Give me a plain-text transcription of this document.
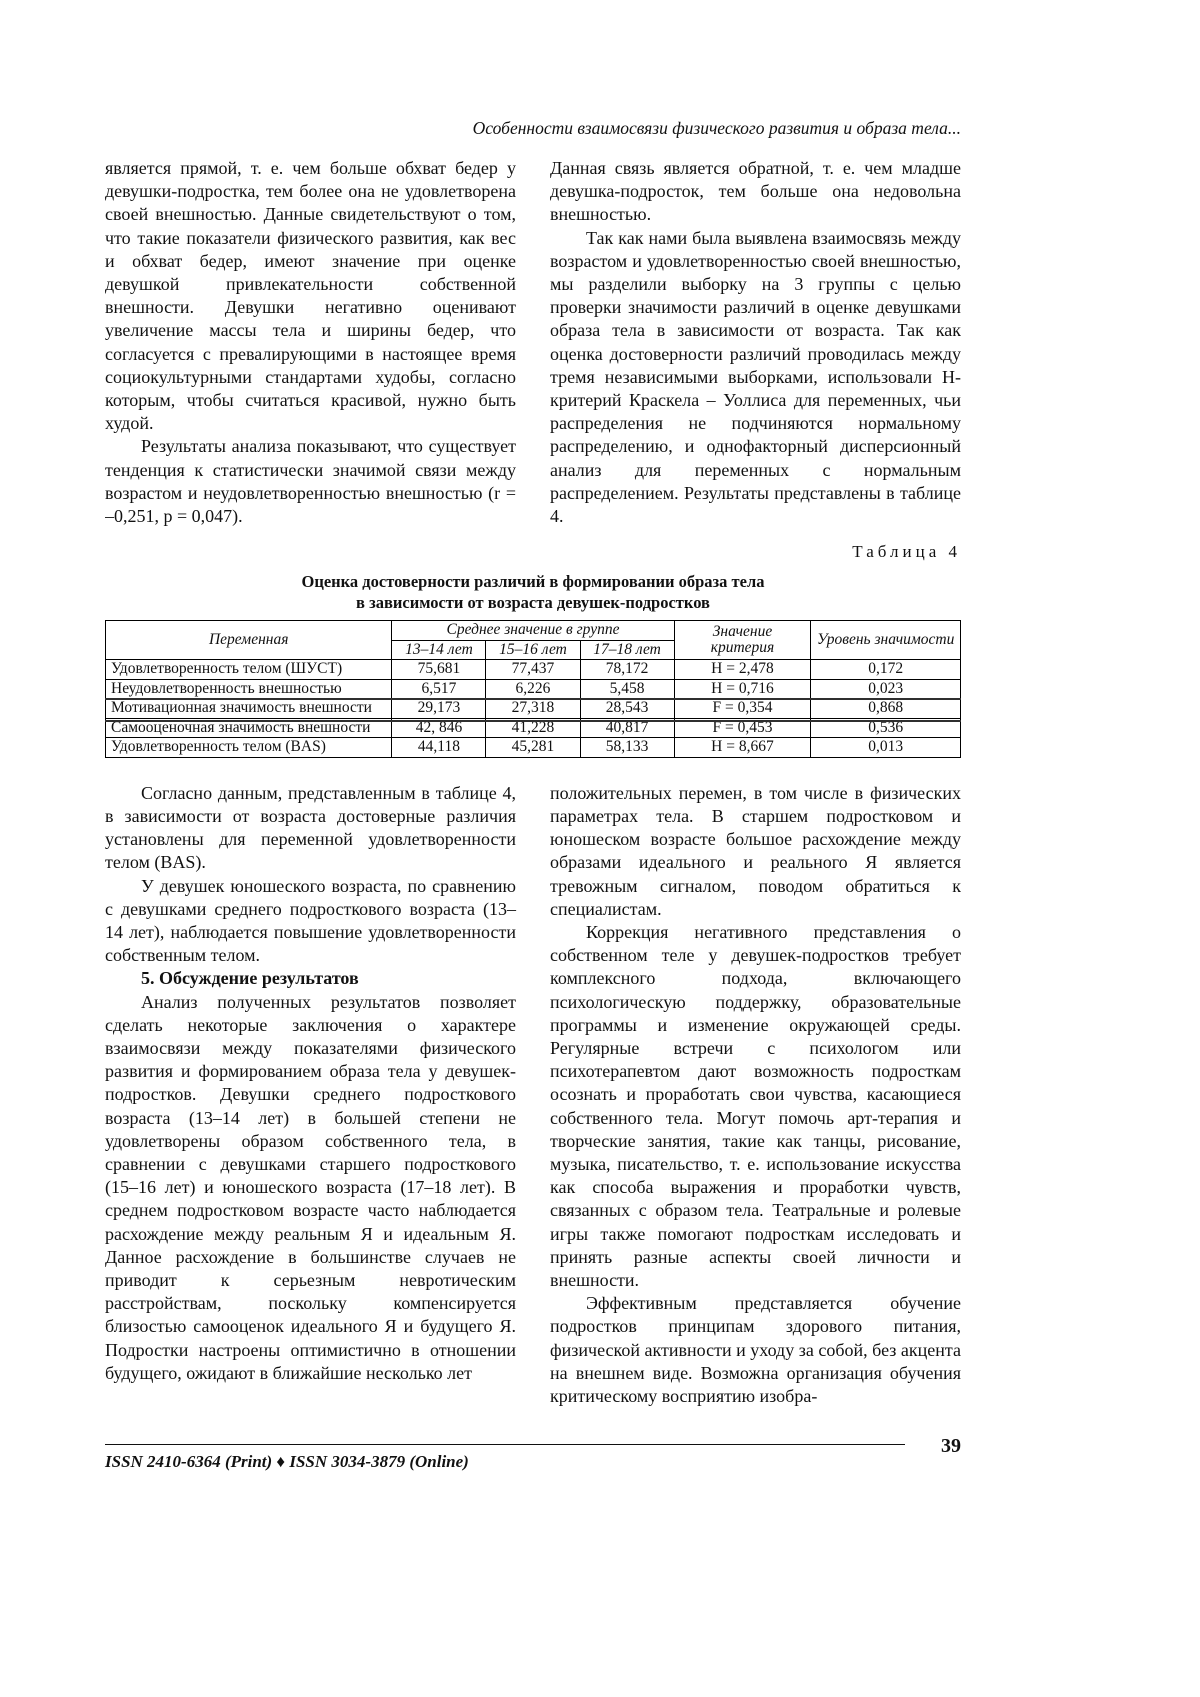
Особенности взаимосвязи физического развития и образа тела...

является прямой, т. е. чем больше обхват бедер у девушки-подростка, тем более она не удовлетворена своей внешностью. Данные свидетельствуют о том, что такие показатели физического развития, как вес и обхват бедер, имеют значение при оценке девушкой привлекательности собственной внешности. Девушки негативно оценивают увеличение массы тела и ширины бедер, что согласуется с превалирующими в настоящее время социокультурными стандартами худобы, согласно которым, чтобы считаться красивой, нужно быть худой.

Результаты анализа показывают, что существует тенденция к статистически значимой связи между возрастом и неудовлетворенностью внешностью (r = –0,251, p = 0,047).

Данная связь является обратной, т. е. чем младше девушка-подросток, тем больше она недовольна внешностью.

Так как нами была выявлена взаимосвязь между возрастом и удовлетворенностью своей внешностью, мы разделили выборку на 3 группы с целью проверки значимости различий в оценке девушками образа тела в зависимости от возраста. Так как оценка достоверности различий проводилась между тремя независимыми выборками, использовали H-критерий Краскела – Уоллиса для переменных, чьи распределения не подчиняются нормальному распределению, и однофакторный дисперсионный анализ для переменных с нормальным распределением. Результаты представлены в таблице 4.

Таблица 4
Оценка достоверности различий в формировании образа тела
в зависимости от возраста девушек-подростков
Переменная	Среднее значение в группе			Значение критерия	Уровень значимости
	13–14 лет	15–16 лет	17–18 лет		
Удовлетворенность телом (ШУСТ)	75,681	77,437	78,172	H = 2,478	0,172
Неудовлетворенность внешностью	6,517	6,226	5,458	H = 0,716	0,023
Мотивационная значимость внешности	29,173	27,318	28,543	F = 0,354	0,868
Самооценочная значимость внешности	42, 846	41,228	40,817	F = 0,453	0,536
Удовлетворенность телом (BAS)	44,118	45,281	58,133	H = 8,667	0,013

Согласно данным, представленным в таблице 4, в зависимости от возраста достоверные различия установлены для переменной удовлетворенности телом (BAS).

У девушек юношеского возраста, по сравнению с девушками среднего подросткового возраста (13–14 лет), наблюдается повышение удовлетворенности собственным телом.

5. Обсуждение результатов

Анализ полученных результатов позволяет сделать некоторые заключения о характере взаимосвязи между показателями физического развития и формированием образа тела у девушек-подростков. Девушки среднего подросткового возраста (13–14 лет) в большей степени не удовлетворены образом собственного тела, в сравнении с девушками старшего подросткового (15–16 лет) и юношеского возраста (17–18 лет). В среднем подростковом возрасте часто наблюдается расхождение между реальным Я и идеальным Я. Данное расхождение в большинстве случаев не приводит к серьезным невротическим расстройствам, поскольку компенсируется близостью самооценок идеального Я и будущего Я. Подростки настроены оптимистично в отношении будущего, ожидают в ближайшие несколько лет

положительных перемен, в том числе в физических параметрах тела. В старшем подростковом и юношеском возрасте большое расхождение между образами идеального и реального Я является тревожным сигналом, поводом обратиться к специалистам.

Коррекция негативного представления о собственном теле у девушек-подростков требует комплексного подхода, включающего психологическую поддержку, образовательные программы и изменение окружающей среды. Регулярные встречи с психологом или психотерапевтом дают возможность подросткам осознать и проработать свои чувства, касающиеся собственного тела. Могут помочь арт-терапия и творческие занятия, такие как танцы, рисование, музыка, писательство, т. е. использование искусства как способа выражения и проработки чувств, связанных с образом тела. Театральные и ролевые игры также помогают подросткам исследовать и принять разные аспекты своей личности и внешности.

Эффективным представляется обучение подростков принципам здорового питания, физической активности и уходу за собой, без акцента на внешнем виде. Возможна организация обучения критическому восприятию изобра-

ISSN 2410-6364 (Print) ♦ ISSN 3034-3879 (Online)
39
